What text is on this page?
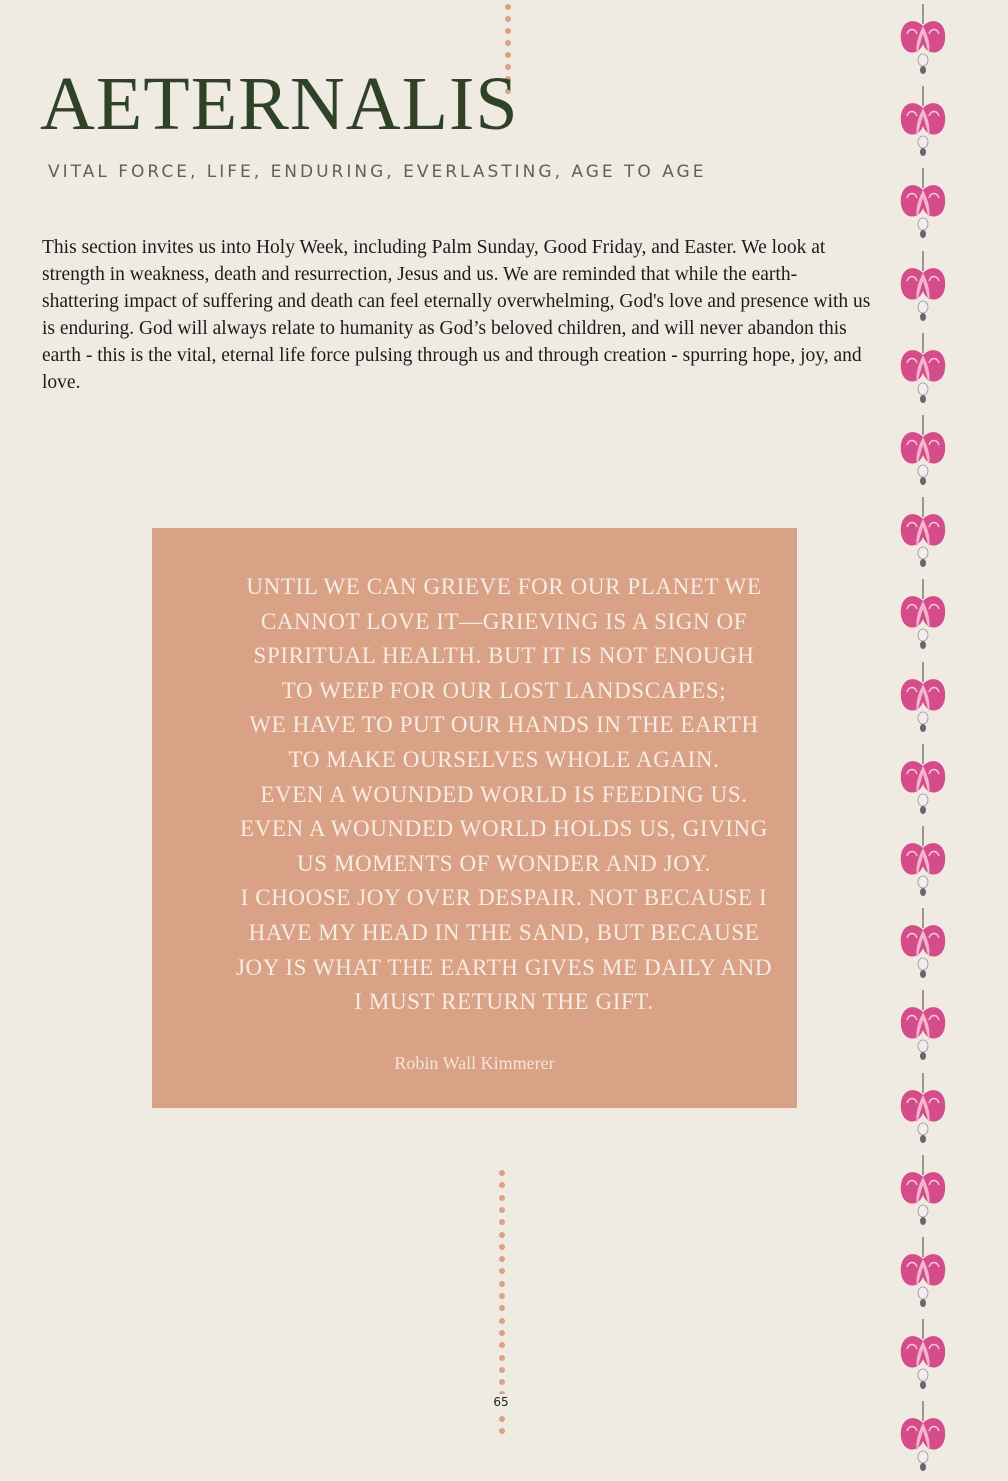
AETERNALIS

VITAL FORCE, LIFE, ENDURING, EVERLASTING, AGE TO AGE

This section invites us into Holy Week, including Palm Sunday, Good Friday, and Easter. We look at strength in weakness, death and resurrection, Jesus and us. We are reminded that while the earth-shattering impact of suffering and death can feel eternally overwhelming, God's love and presence with us is enduring. God will always relate to humanity as God’s beloved children, and will never abandon this earth - this is the vital, eternal life force pulsing through us and through creation - spurring hope, joy, and love.

UNTIL WE CAN GRIEVE FOR OUR PLANET WE
CANNOT LOVE IT—GRIEVING IS A SIGN OF
SPIRITUAL HEALTH. BUT IT IS NOT ENOUGH
TO WEEP FOR OUR LOST LANDSCAPES;
WE HAVE TO PUT OUR HANDS IN THE EARTH
TO MAKE OURSELVES WHOLE AGAIN.
EVEN A WOUNDED WORLD IS FEEDING US.
EVEN A WOUNDED WORLD HOLDS US, GIVING
US MOMENTS OF WONDER AND JOY.
I CHOOSE JOY OVER DESPAIR. NOT BECAUSE I
HAVE MY HEAD IN THE SAND, BUT BECAUSE
JOY IS WHAT THE EARTH GIVES ME DAILY AND
I MUST RETURN THE GIFT.

Robin Wall Kimmerer

65
